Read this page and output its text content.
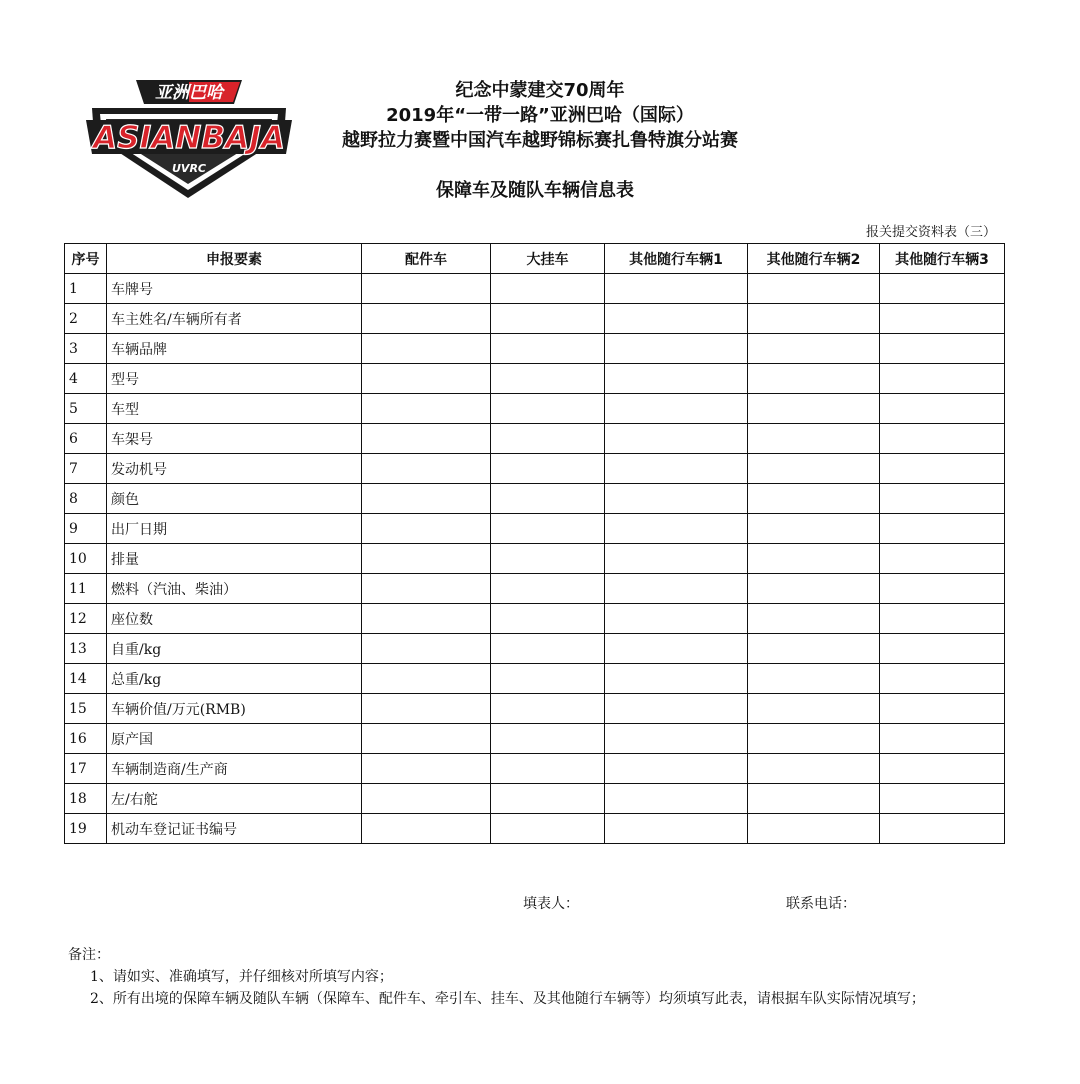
亚洲巴哈
ASIANBAJA
UVRC
纪念中蒙建交70周年
2019年“一带一路”亚洲巴哈（国际）
越野拉力赛暨中国汽车越野锦标赛扎鲁特旗分站赛
保障车及随队车辆信息表
报关提交资料表（三）
序号	申报要素	配件车	大挂车	其他随行车辆1	其他随行车辆2	其他随行车辆3
1	车牌号					
2	车主姓名/车辆所有者					
3	车辆品牌					
4	型号					
5	车型					
6	车架号					
7	发动机号					
8	颜色					
9	出厂日期					
10	排量					
11	燃料（汽油、柴油）					
12	座位数					
13	自重/kg					
14	总重/kg					
15	车辆价值/万元(RMB)					
16	原产国					
17	车辆制造商/生产商					
18	左/右舵					
19	机动车登记证书编号					
填表人：	联系电话：
备注：
1、请如实、准确填写，并仔细核对所填写内容；
2、所有出境的保障车辆及随队车辆（保障车、配件车、牵引车、挂车、及其他随行车辆等）均须填写此表，请根据车队实际情况填写；
